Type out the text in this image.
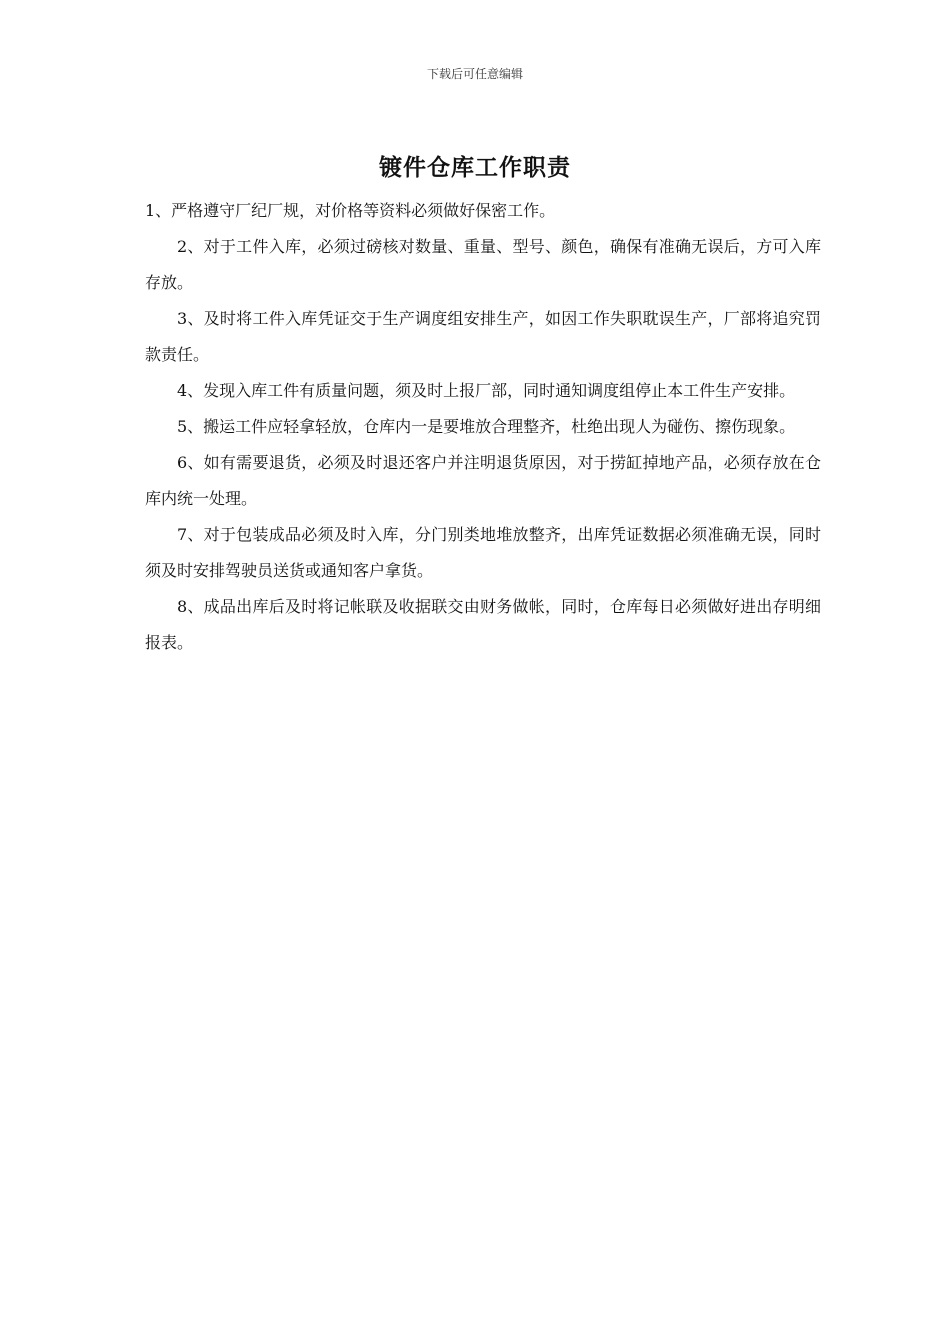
下载后可任意编辑
镀件仓库工作职责

1、严格遵守厂纪厂规，对价格等资料必须做好保密工作。

2、对于工件入库，必须过磅核对数量、重量、型号、颜色，确保有准确无误后，方可入库存放。

3、及时将工件入库凭证交于生产调度组安排生产，如因工作失职耽误生产，厂部将追究罚款责任。

4、发现入库工件有质量问题，须及时上报厂部，同时通知调度组停止本工件生产安排。

5、搬运工件应轻拿轻放，仓库内一是要堆放合理整齐，杜绝出现人为碰伤、擦伤现象。

6、如有需要退货，必须及时退还客户并注明退货原因，对于捞缸掉地产品，必须存放在仓库内统一处理。

7、对于包装成品必须及时入库，分门别类地堆放整齐，出库凭证数据必须准确无误，同时须及时安排驾驶员送货或通知客户拿货。

8、成品出库后及时将记帐联及收据联交由财务做帐，同时，仓库每日必须做好进出存明细报表。
